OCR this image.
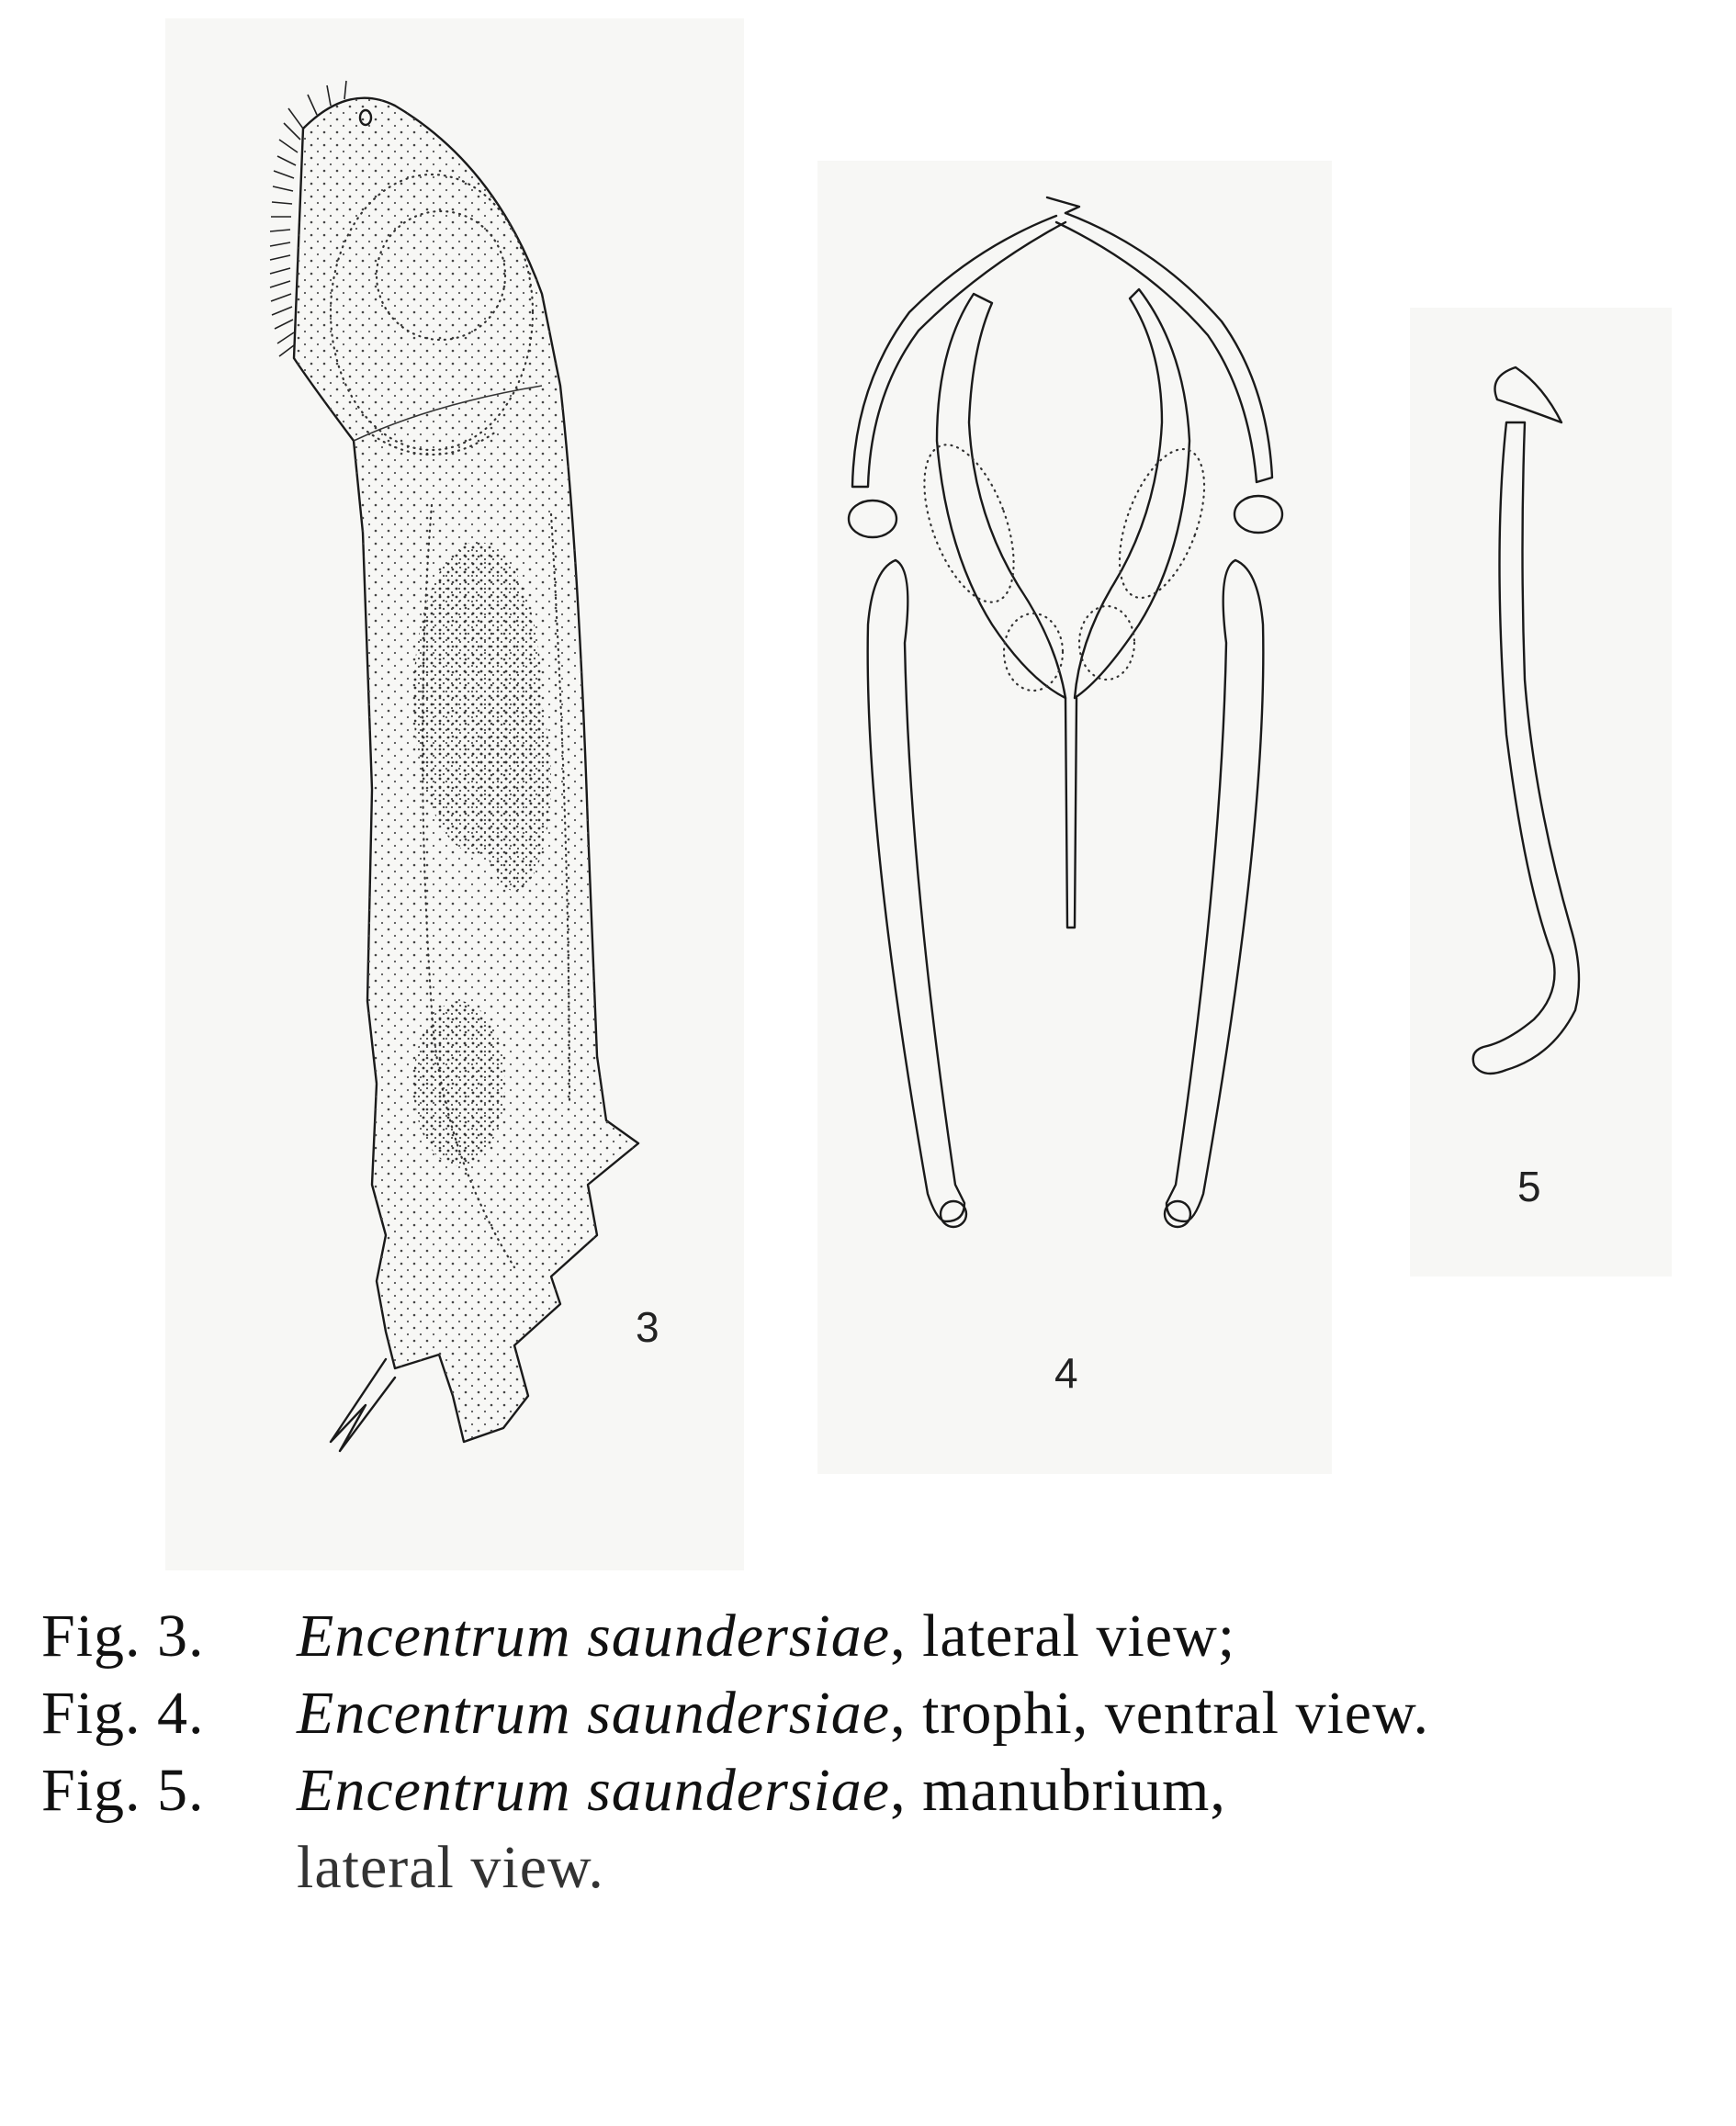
3
4
5
Fig. 3. Encentrum saundersiae, lateral view;
Fig. 4. Encentrum saundersiae, trophi, ventral view.
Fig. 5. Encentrum saundersiae, manubrium,
lateral view.
